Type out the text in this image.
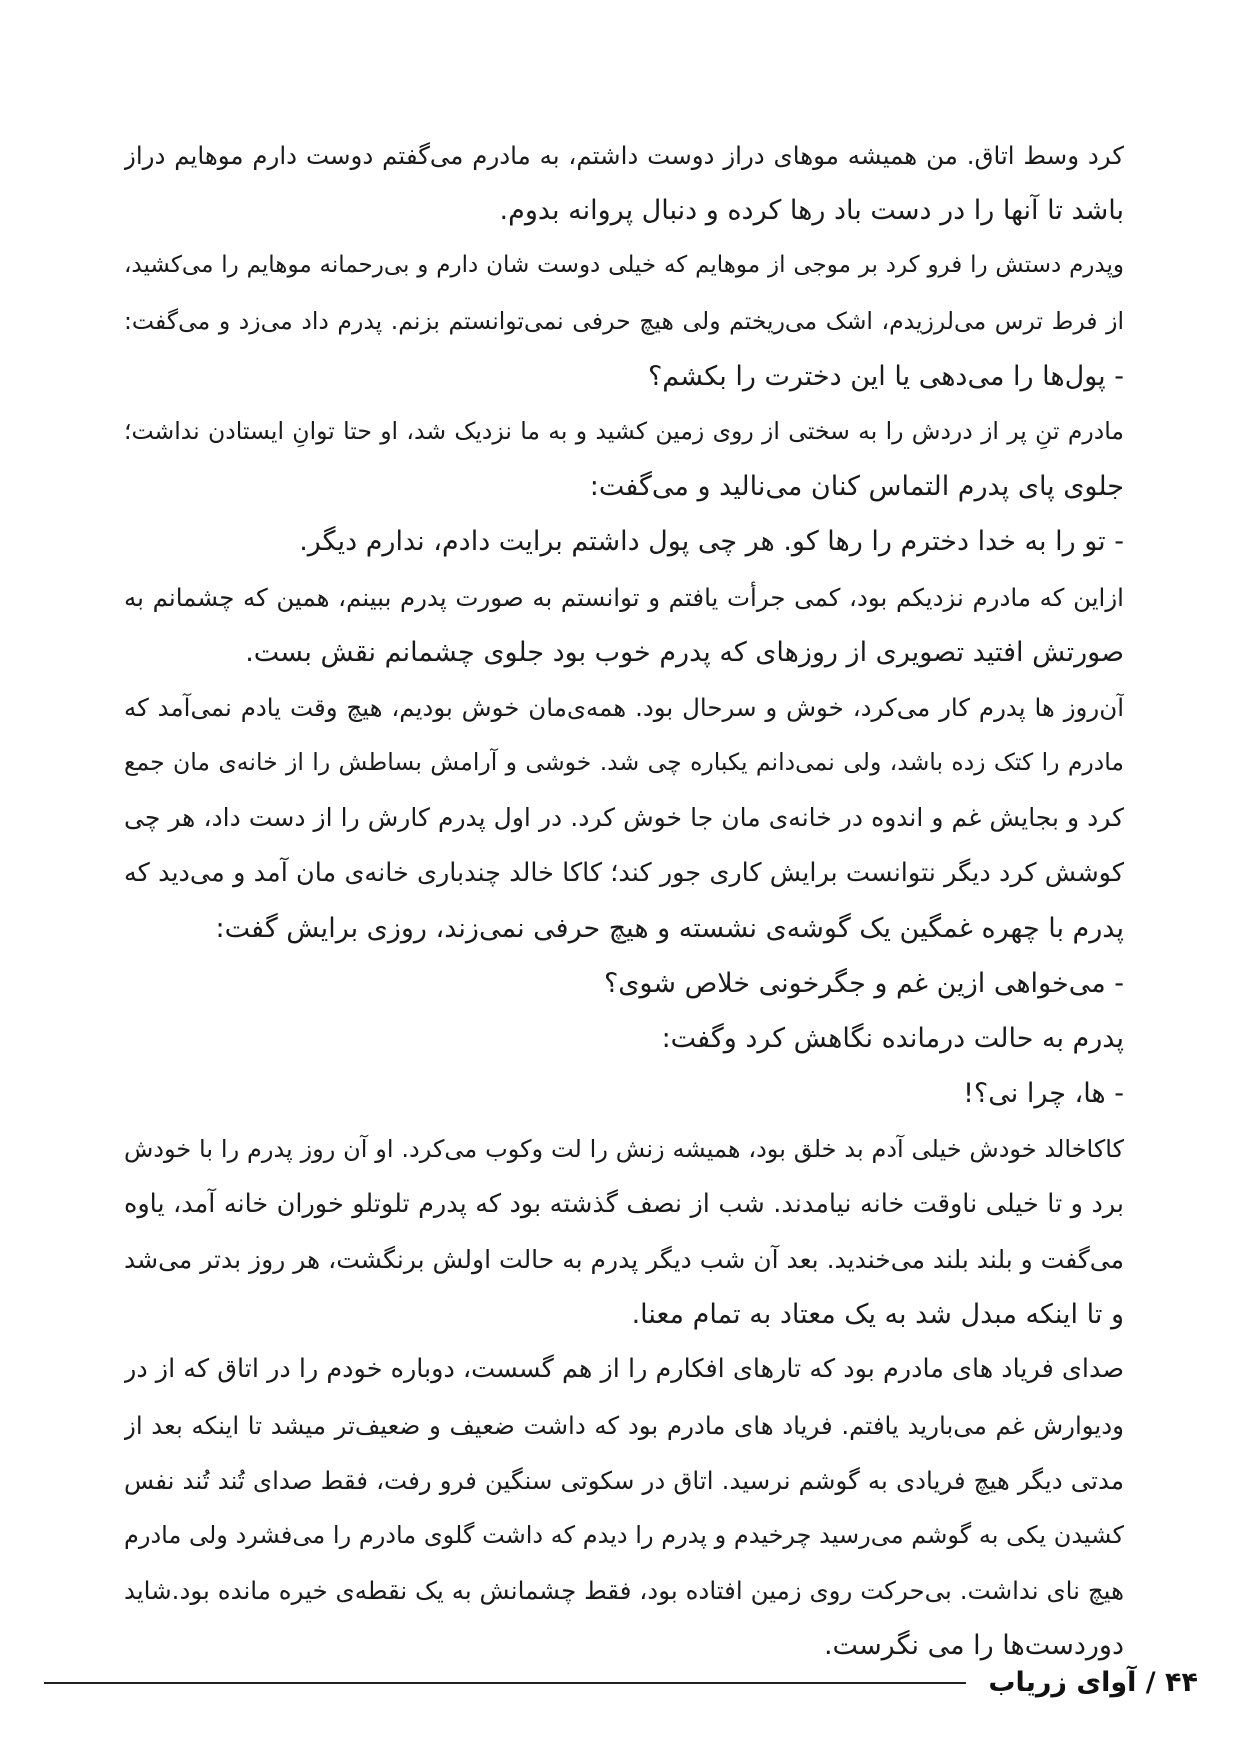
کرد وسط اتاق. من همیشه موهای دراز دوست داشتم، به مادرم می‌گفتم دوست دارم موهایم دراز
باشد تا آنها را در دست باد رها کرده و دنبال پروانه بدوم.
وپدرم دستش را فرو کرد بر موجی از موهایم که خیلی دوست شان دارم و بی‌رحمانه موهایم را می‌کشید،
از فرط ترس می‌لرزیدم، اشک می‌ریختم ولی هیچ حرفی نمی‌توانستم بزنم. پدرم داد می‌زد و می‌گفت:
- پول‌ها را می‌دهی یا این دخترت را بکشم؟
مادرم تنِ پر از دردش را به سختی از روی زمین کشید و به ما نزدیک شد، او حتا توانِ ایستادن نداشت؛
جلوی پای پدرم التماس کنان می‌نالید و می‌گفت:
- تو را به خدا دخترم را رها کو. هر چی پول داشتم برایت دادم، ندارم دیگر.
ازاین که مادرم نزدیکم بود، کمی جرأت یافتم و توانستم به صورت پدرم ببینم، همین که چشمانم به
صورتش افتید تصویری از روزهای که پدرم خوب بود جلوی چشمانم نقش بست.
آن‌روز ها پدرم کار می‌کرد، خوش و سرحال بود. همه‌ی‌مان خوش بودیم، هیچ وقت یادم نمی‌آمد که
مادرم را کتک زده باشد، ولی نمی‌دانم یکباره چی شد. خوشی و آرامش بساطش را از خانه‌ی مان جمع
کرد و بجایش غم و اندوه در خانه‌ی مان جا خوش کرد. در اول پدرم کارش را از دست داد، هر چی
کوشش کرد دیگر نتوانست برایش کاری جور کند؛ کاکا خالد چندباری خانه‌ی مان آمد و می‌دید که
پدرم با چهره غمگین یک گوشه‌ی نشسته و هیچ حرفی نمی‌زند، روزی برایش گفت:
- می‌خواهی ازین غم و جگرخونی خلاص شوی؟
پدرم به حالت درمانده نگاهش کرد وگفت:
- ها، چرا نی؟!
کاکاخالد خودش خیلی آدم بد خلق بود، همیشه زنش را لت وکوب می‌کرد. او آن روز پدرم را با خودش
برد و تا خیلی ناوقت خانه نیامدند. شب از نصف گذشته بود که پدرم تلوتلو خوران خانه آمد، یاوه
می‌گفت و بلند بلند می‌خندید. بعد آن شب دیگر پدرم به حالت اولش برنگشت، هر روز بدتر می‌شد
و تا اینکه مبدل شد به یک معتاد به تمام معنا.
صدای فریاد های مادرم بود که تارهای افکارم را از هم گسست، دوباره خودم را در اتاق که از در
ودیوارش غم می‌بارید یافتم. فریاد های مادرم بود که داشت ضعیف و ضعیف‌تر میشد تا اینکه بعد از
مدتی دیگر هیچ فریادی به گوشم نرسید. اتاق در سکوتی سنگین فرو رفت، فقط صدای تُند تُند نفس
کشیدن یکی به گوشم می‌رسید چرخیدم و پدرم را دیدم که داشت گلوی مادرم را می‌فشرد ولی مادرم
هیچ نای نداشت. بی‌حرکت روی زمین افتاده بود، فقط چشمانش به یک نقطه‌ی خیره مانده بود.شاید
دوردست‌ها را می نگرست.
۴۴ / آوای زریاب
